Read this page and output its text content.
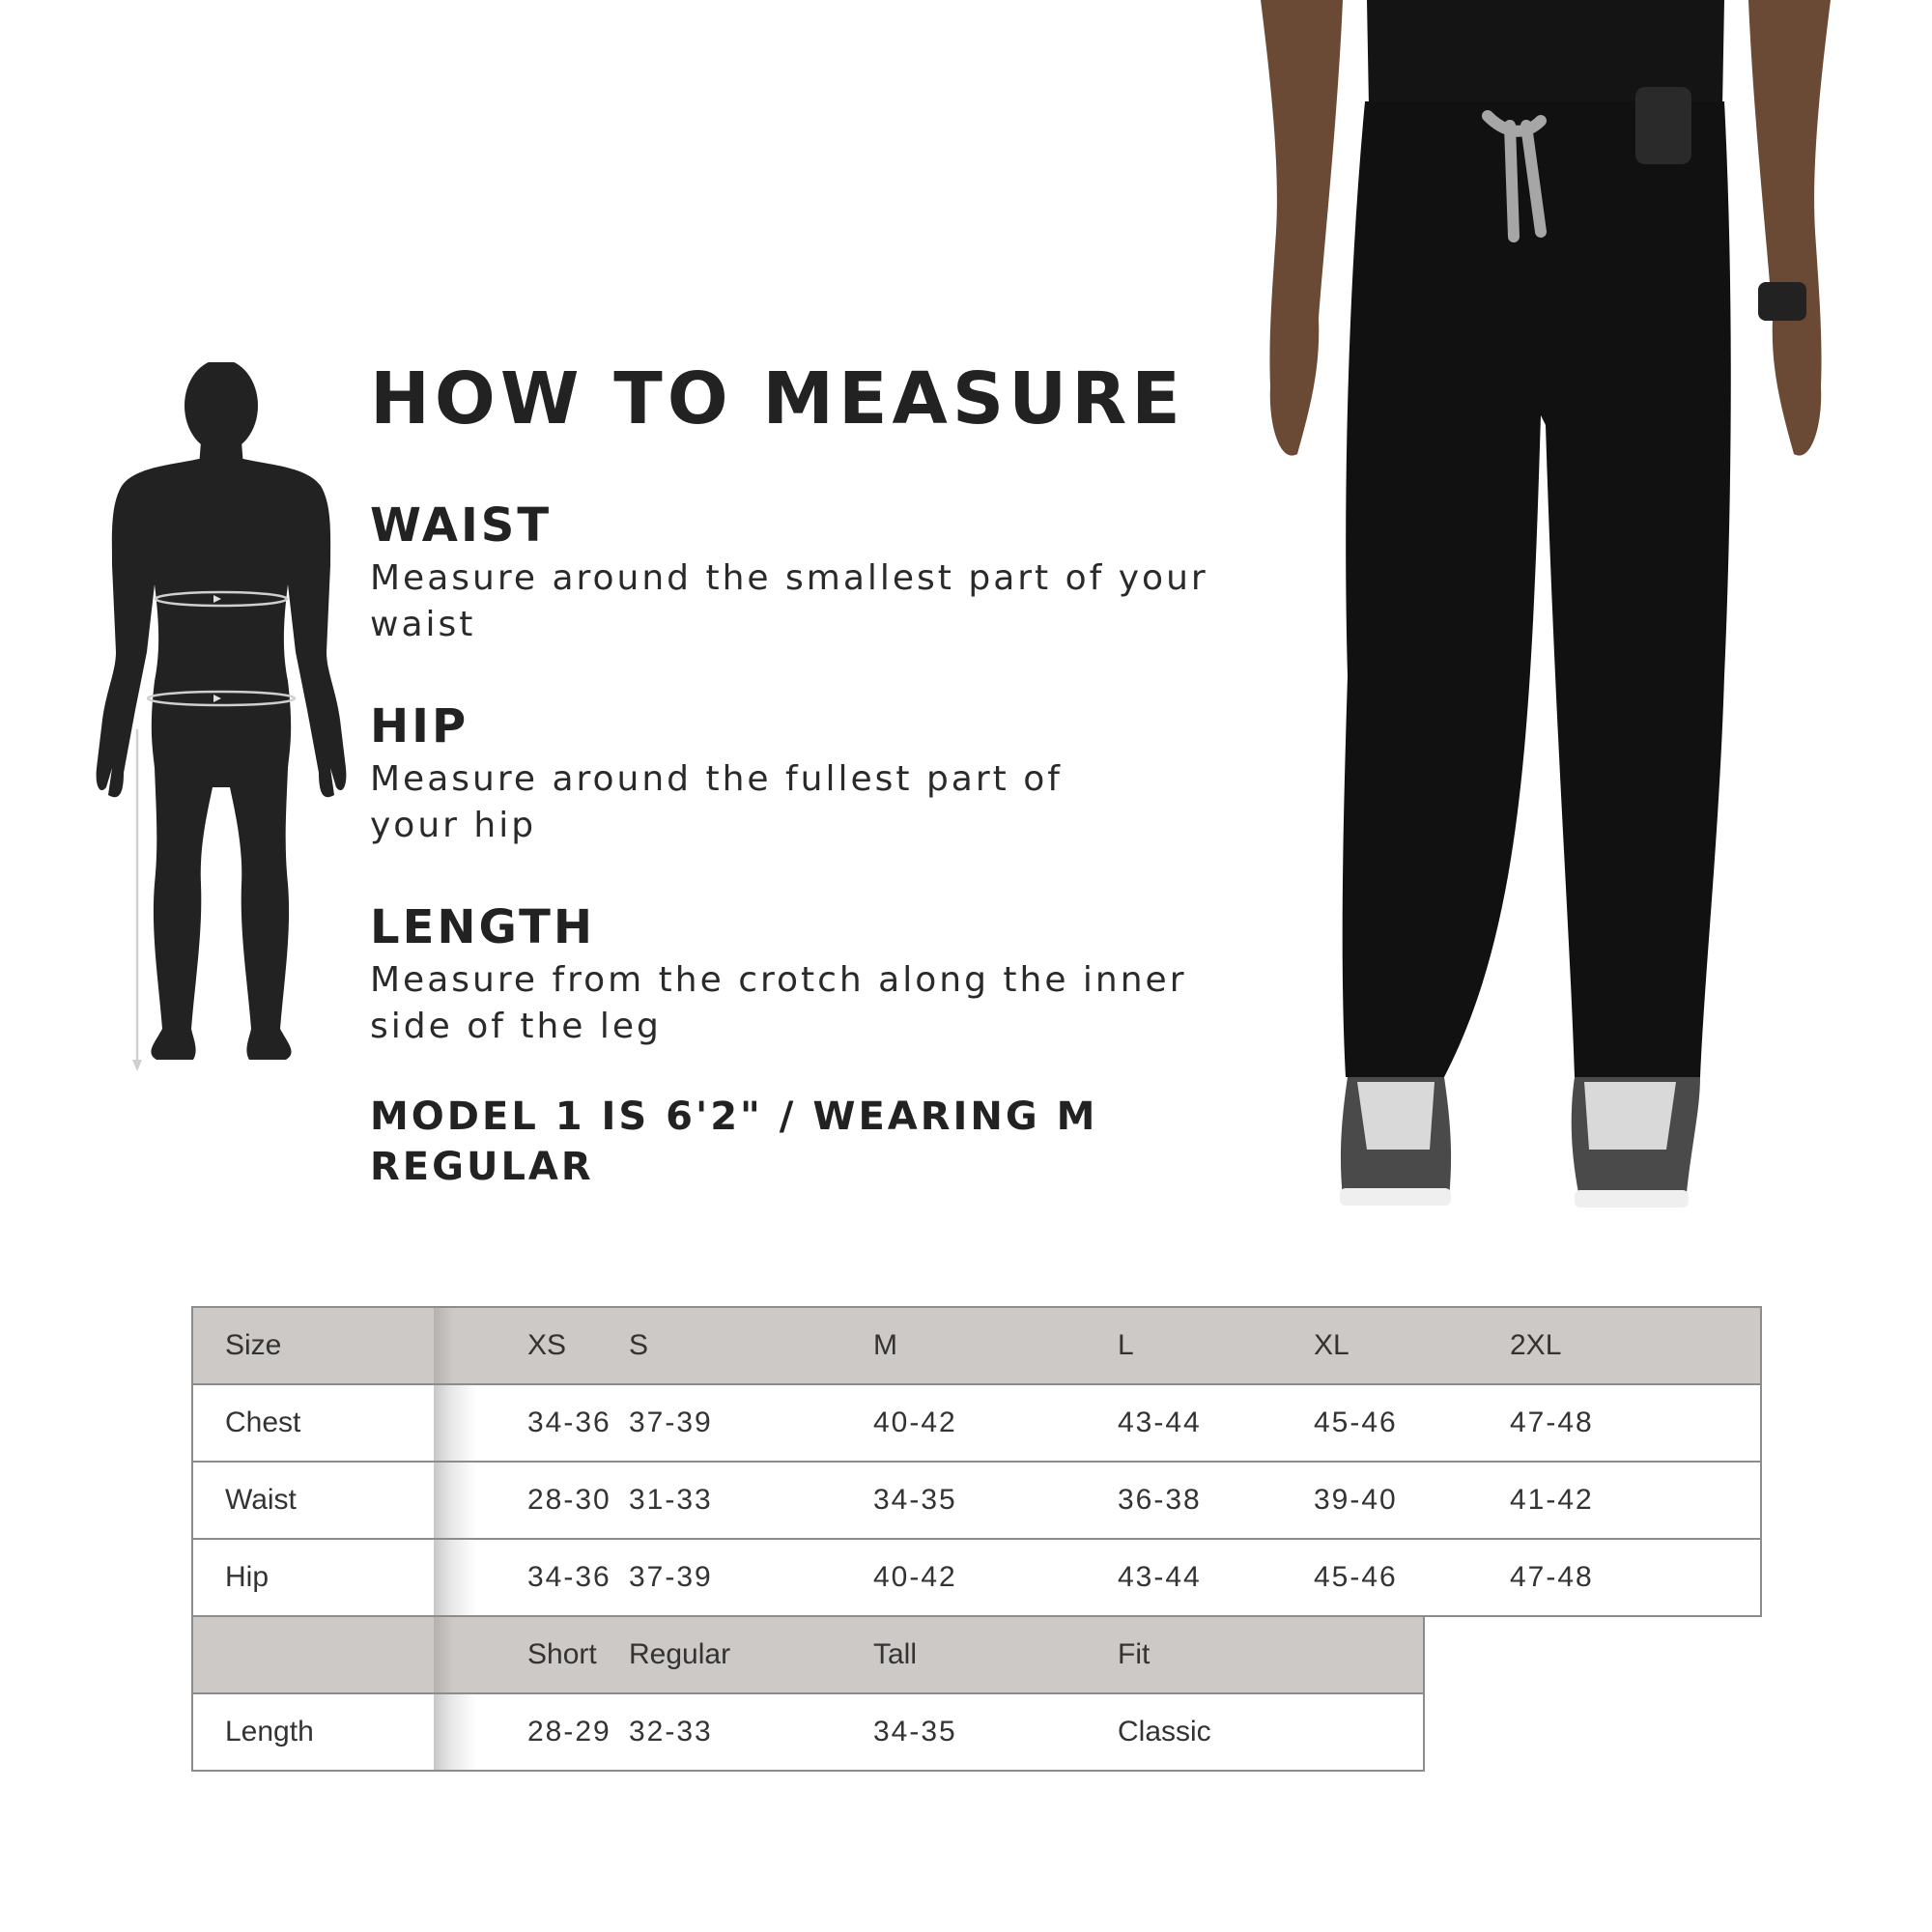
HOW TO MEASURE
WAIST

Measure around the smallest part of your waist

HIP

Measure around the fullest part of your hip

LENGTH

Measure from the crotch along the inner side of the leg

MODEL 1 IS 6'2" / WEARING M REGULAR

Size	XS	S	M	L	XL	2XL
Chest	34-36	37-39	40-42	43-44	45-46	47-48
Waist	28-30	31-33	34-35	36-38	39-40	41-42
Hip	34-36	37-39	40-42	43-44	45-46	47-48
	Short	Regular	Tall	Fit
Length	28-29	32-33	34-35	Classic
